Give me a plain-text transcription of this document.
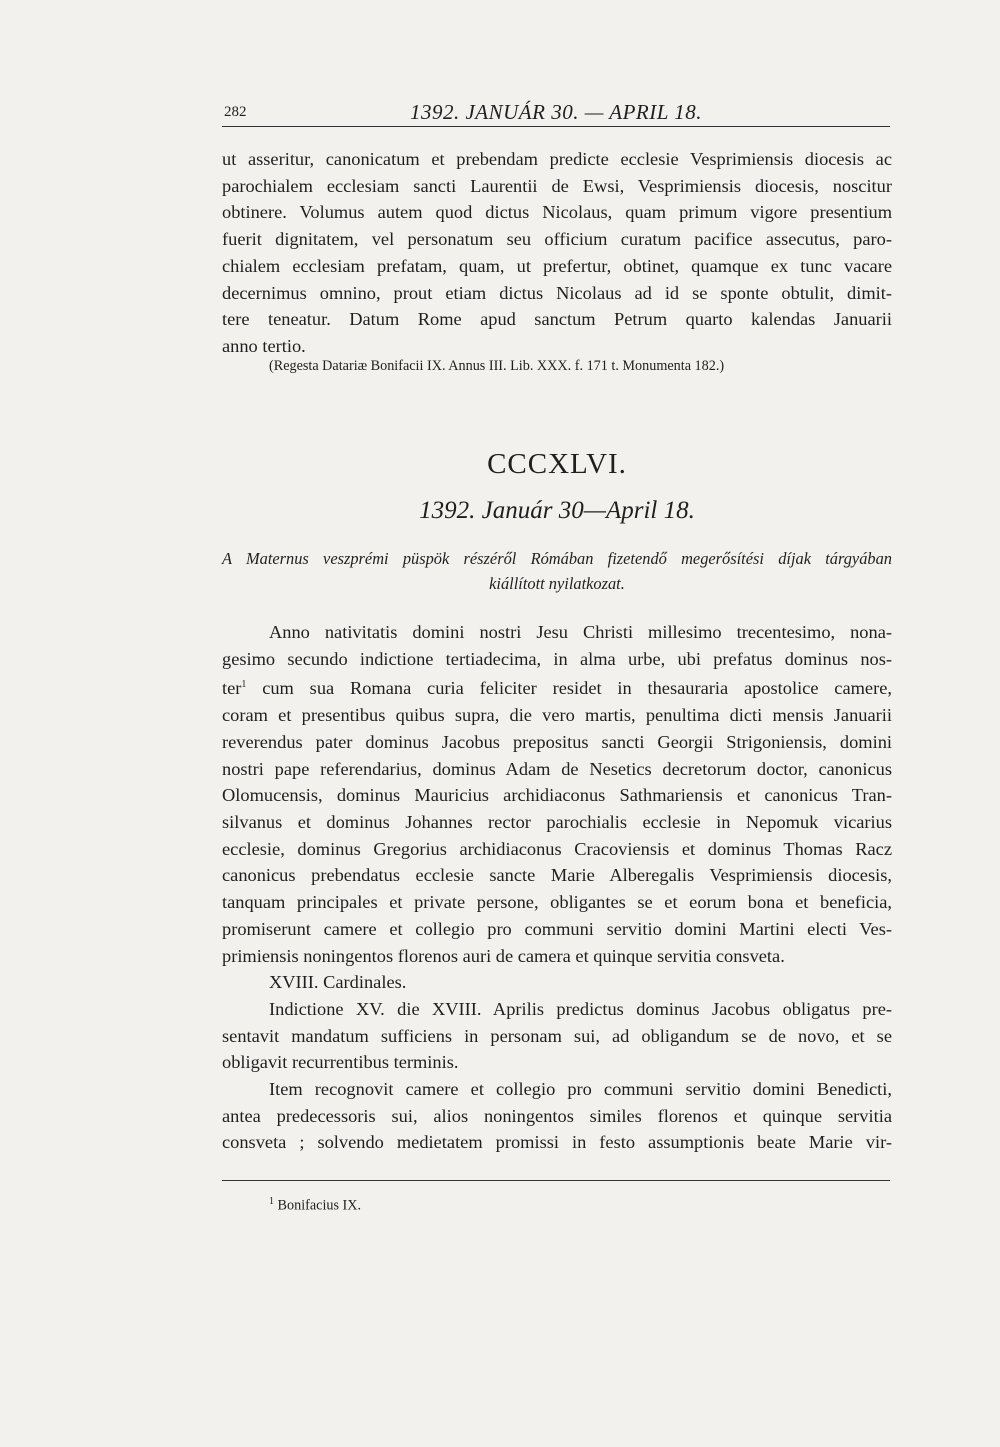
282	1392. JANUÁR 30. — APRIL 18.
ut asseritur, canonicatum et prebendam predicte ecclesie Vesprimiensis diocesis ac
parochialem ecclesiam sancti Laurentii de Ewsi, Vesprimiensis diocesis, noscitur
obtinere. Volumus autem quod dictus Nicolaus, quam primum vigore presentium
fuerit dignitatem, vel personatum seu officium curatum pacifice assecutus, paro-
chialem ecclesiam prefatam, quam, ut prefertur, obtinet, quamque ex tunc vacare
decernimus omnino, prout etiam dictus Nicolaus ad id se sponte obtulit, dimit-
tere teneatur. Datum Rome apud sanctum Petrum quarto kalendas Januarii
anno tertio.
(Regesta Datariæ Bonifacii IX. Annus III. Lib. XXX. f. 171 t. Monumenta 182.)
CCCXLVI.
1392. Január 30—April 18.
A Maternus veszprémi püspök részéről Rómában fizetendő megerősítési díjak tárgyában
kiállított nyilatkozat.
Anno nativitatis domini nostri Jesu Christi millesimo trecentesimo, nona-
gesimo secundo indictione tertiadecima, in alma urbe, ubi prefatus dominus nos-
ter$^1$ cum sua Romana curia feliciter residet in thesauraria apostolice camere,
coram et presentibus quibus supra, die vero martis, penultima dicti mensis Januarii
reverendus pater dominus Jacobus prepositus sancti Georgii Strigoniensis, domini
nostri pape referendarius, dominus Adam de Nesetics decretorum doctor, canonicus
Olomucensis, dominus Mauricius archidiaconus Sathmariensis et canonicus Tran-
silvanus et dominus Johannes rector parochialis ecclesie in Nepomuk vicarius
ecclesie, dominus Gregorius archidiaconus Cracoviensis et dominus Thomas Racz
canonicus prebendatus ecclesie sancte Marie Alberegalis Vesprimiensis diocesis,
tanquam principales et private persone, obligantes se et eorum bona et beneficia,
promiserunt camere et collegio pro communi servitio domini Martini electi Ves-
primiensis noningentos florenos auri de camera et quinque servitia consveta.
XVIII. Cardinales.
Indictione XV. die XVIII. Aprilis predictus dominus Jacobus obligatus pre-
sentavit mandatum sufficiens in personam sui, ad obligandum se de novo, et se
obligavit recurrentibus terminis.
Item recognovit camere et collegio pro communi servitio domini Benedicti,
antea predecessoris sui, alios noningentos similes florenos et quinque servitia
consveta ; solvendo medietatem promissi in festo assumptionis beate Marie vir-
$^1$ Bonifacius IX.
